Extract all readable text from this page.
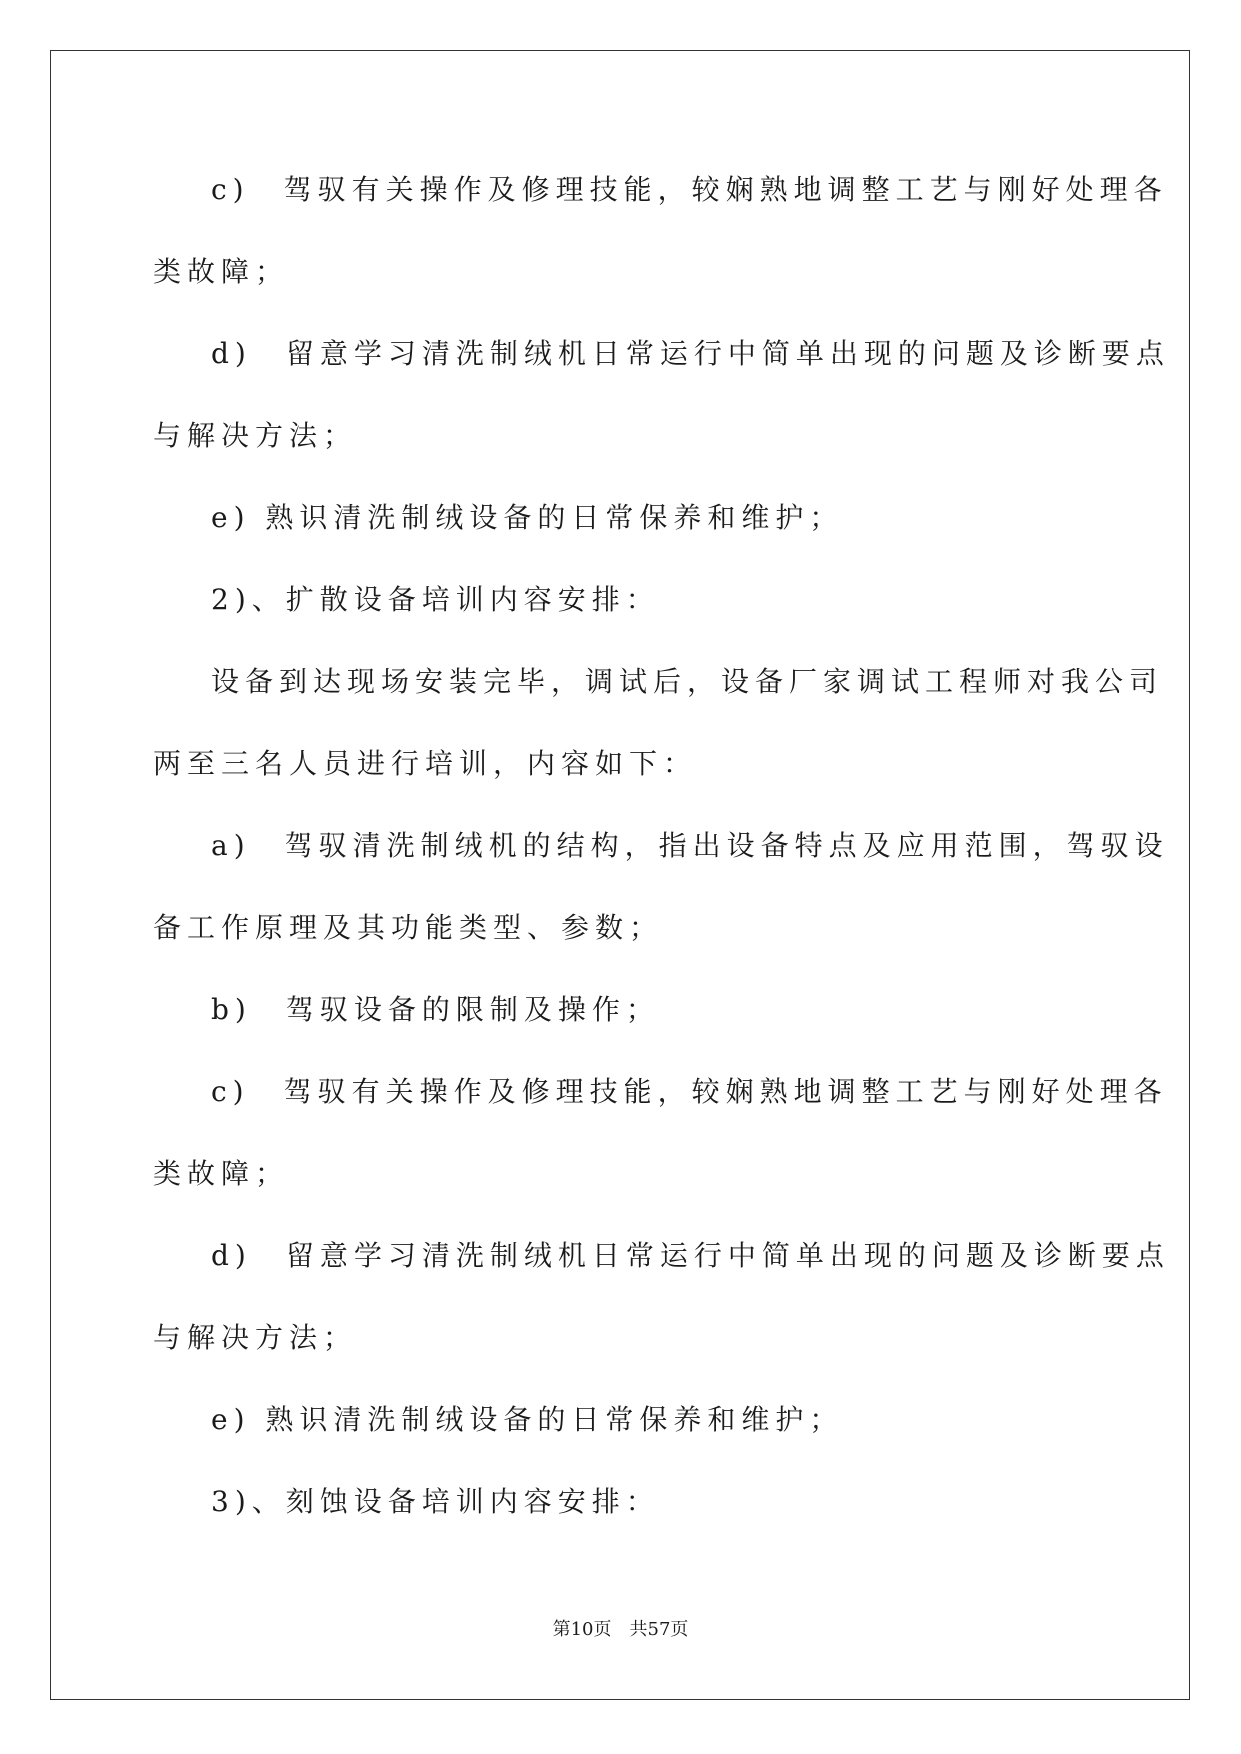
c)　驾驭有关操作及修理技能，较娴熟地调整工艺与刚好处理各
类故障；
d)　留意学习清洗制绒机日常运行中简单出现的问题及诊断要点
与解决方法；
e) 熟识清洗制绒设备的日常保养和维护；
2)、扩散设备培训内容安排：
设备到达现场安装完毕，调试后，设备厂家调试工程师对我公司
两至三名人员进行培训，内容如下：
a)　驾驭清洗制绒机的结构，指出设备特点及应用范围，驾驭设
备工作原理及其功能类型、参数；
b)　驾驭设备的限制及操作；
c)　驾驭有关操作及修理技能，较娴熟地调整工艺与刚好处理各
类故障；
d)　留意学习清洗制绒机日常运行中简单出现的问题及诊断要点
与解决方法；
e) 熟识清洗制绒设备的日常保养和维护；
3)、刻蚀设备培训内容安排：
第10页　共57页
